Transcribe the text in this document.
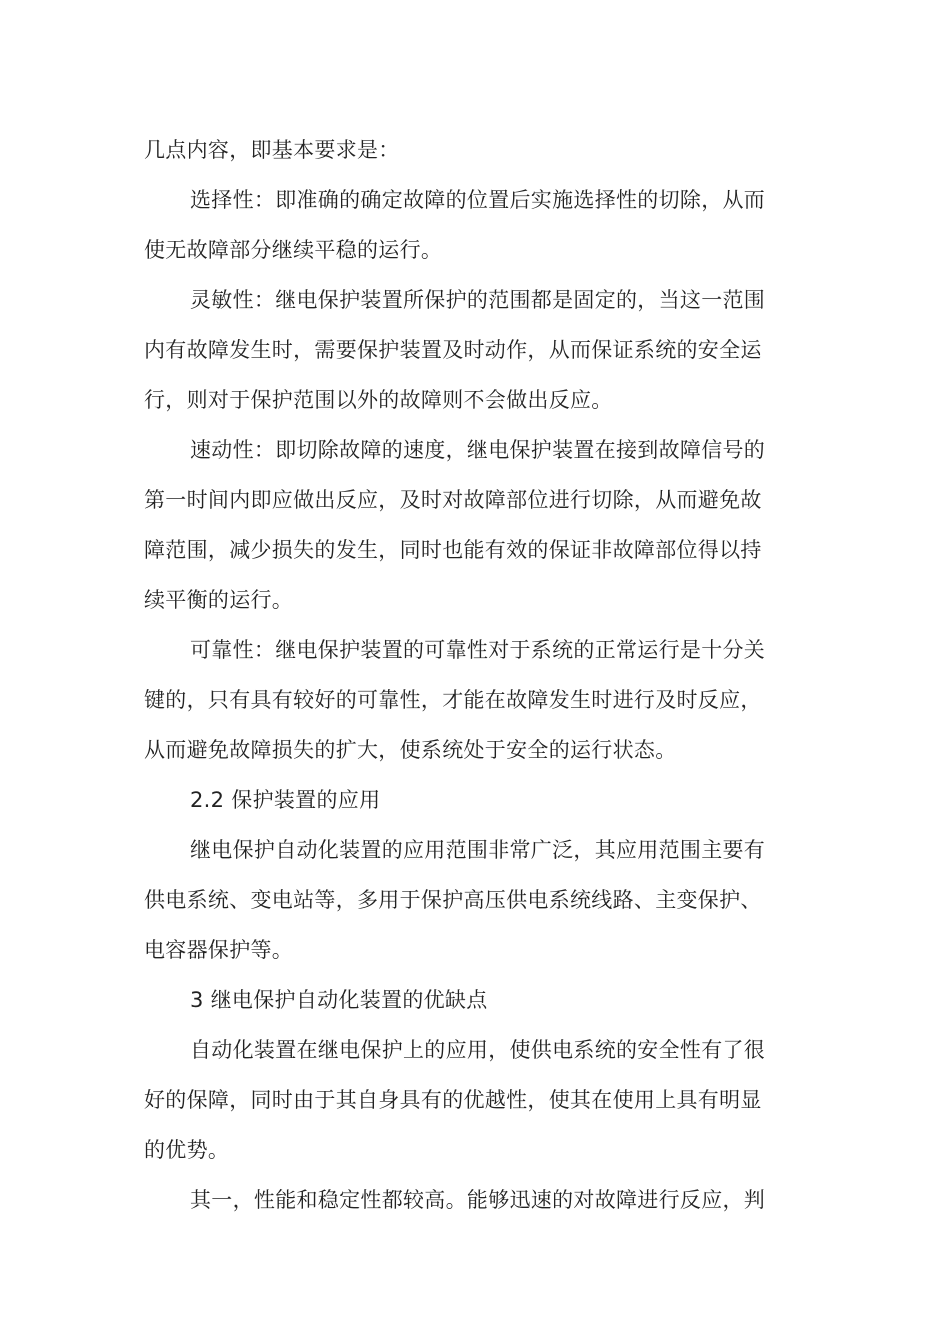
几点内容，即基本要求是：
选择性：即准确的确定故障的位置后实施选择性的切除，从而
使无故障部分继续平稳的运行。
灵敏性：继电保护装置所保护的范围都是固定的，当这一范围
内有故障发生时，需要保护装置及时动作，从而保证系统的安全运
行，则对于保护范围以外的故障则不会做出反应。
速动性：即切除故障的速度，继电保护装置在接到故障信号的
第一时间内即应做出反应，及时对故障部位进行切除，从而避免故
障范围，减少损失的发生，同时也能有效的保证非故障部位得以持
续平衡的运行。
可靠性：继电保护装置的可靠性对于系统的正常运行是十分关
键的，只有具有较好的可靠性，才能在故障发生时进行及时反应，
从而避免故障损失的扩大，使系统处于安全的运行状态。
2.2 保护装置的应用
继电保护自动化装置的应用范围非常广泛，其应用范围主要有
供电系统、变电站等，多用于保护高压供电系统线路、主变保护、
电容器保护等。
3 继电保护自动化装置的优缺点
自动化装置在继电保护上的应用，使供电系统的安全性有了很
好的保障，同时由于其自身具有的优越性，使其在使用上具有明显
的优势。
其一，性能和稳定性都较高。能够迅速的对故障进行反应，判
